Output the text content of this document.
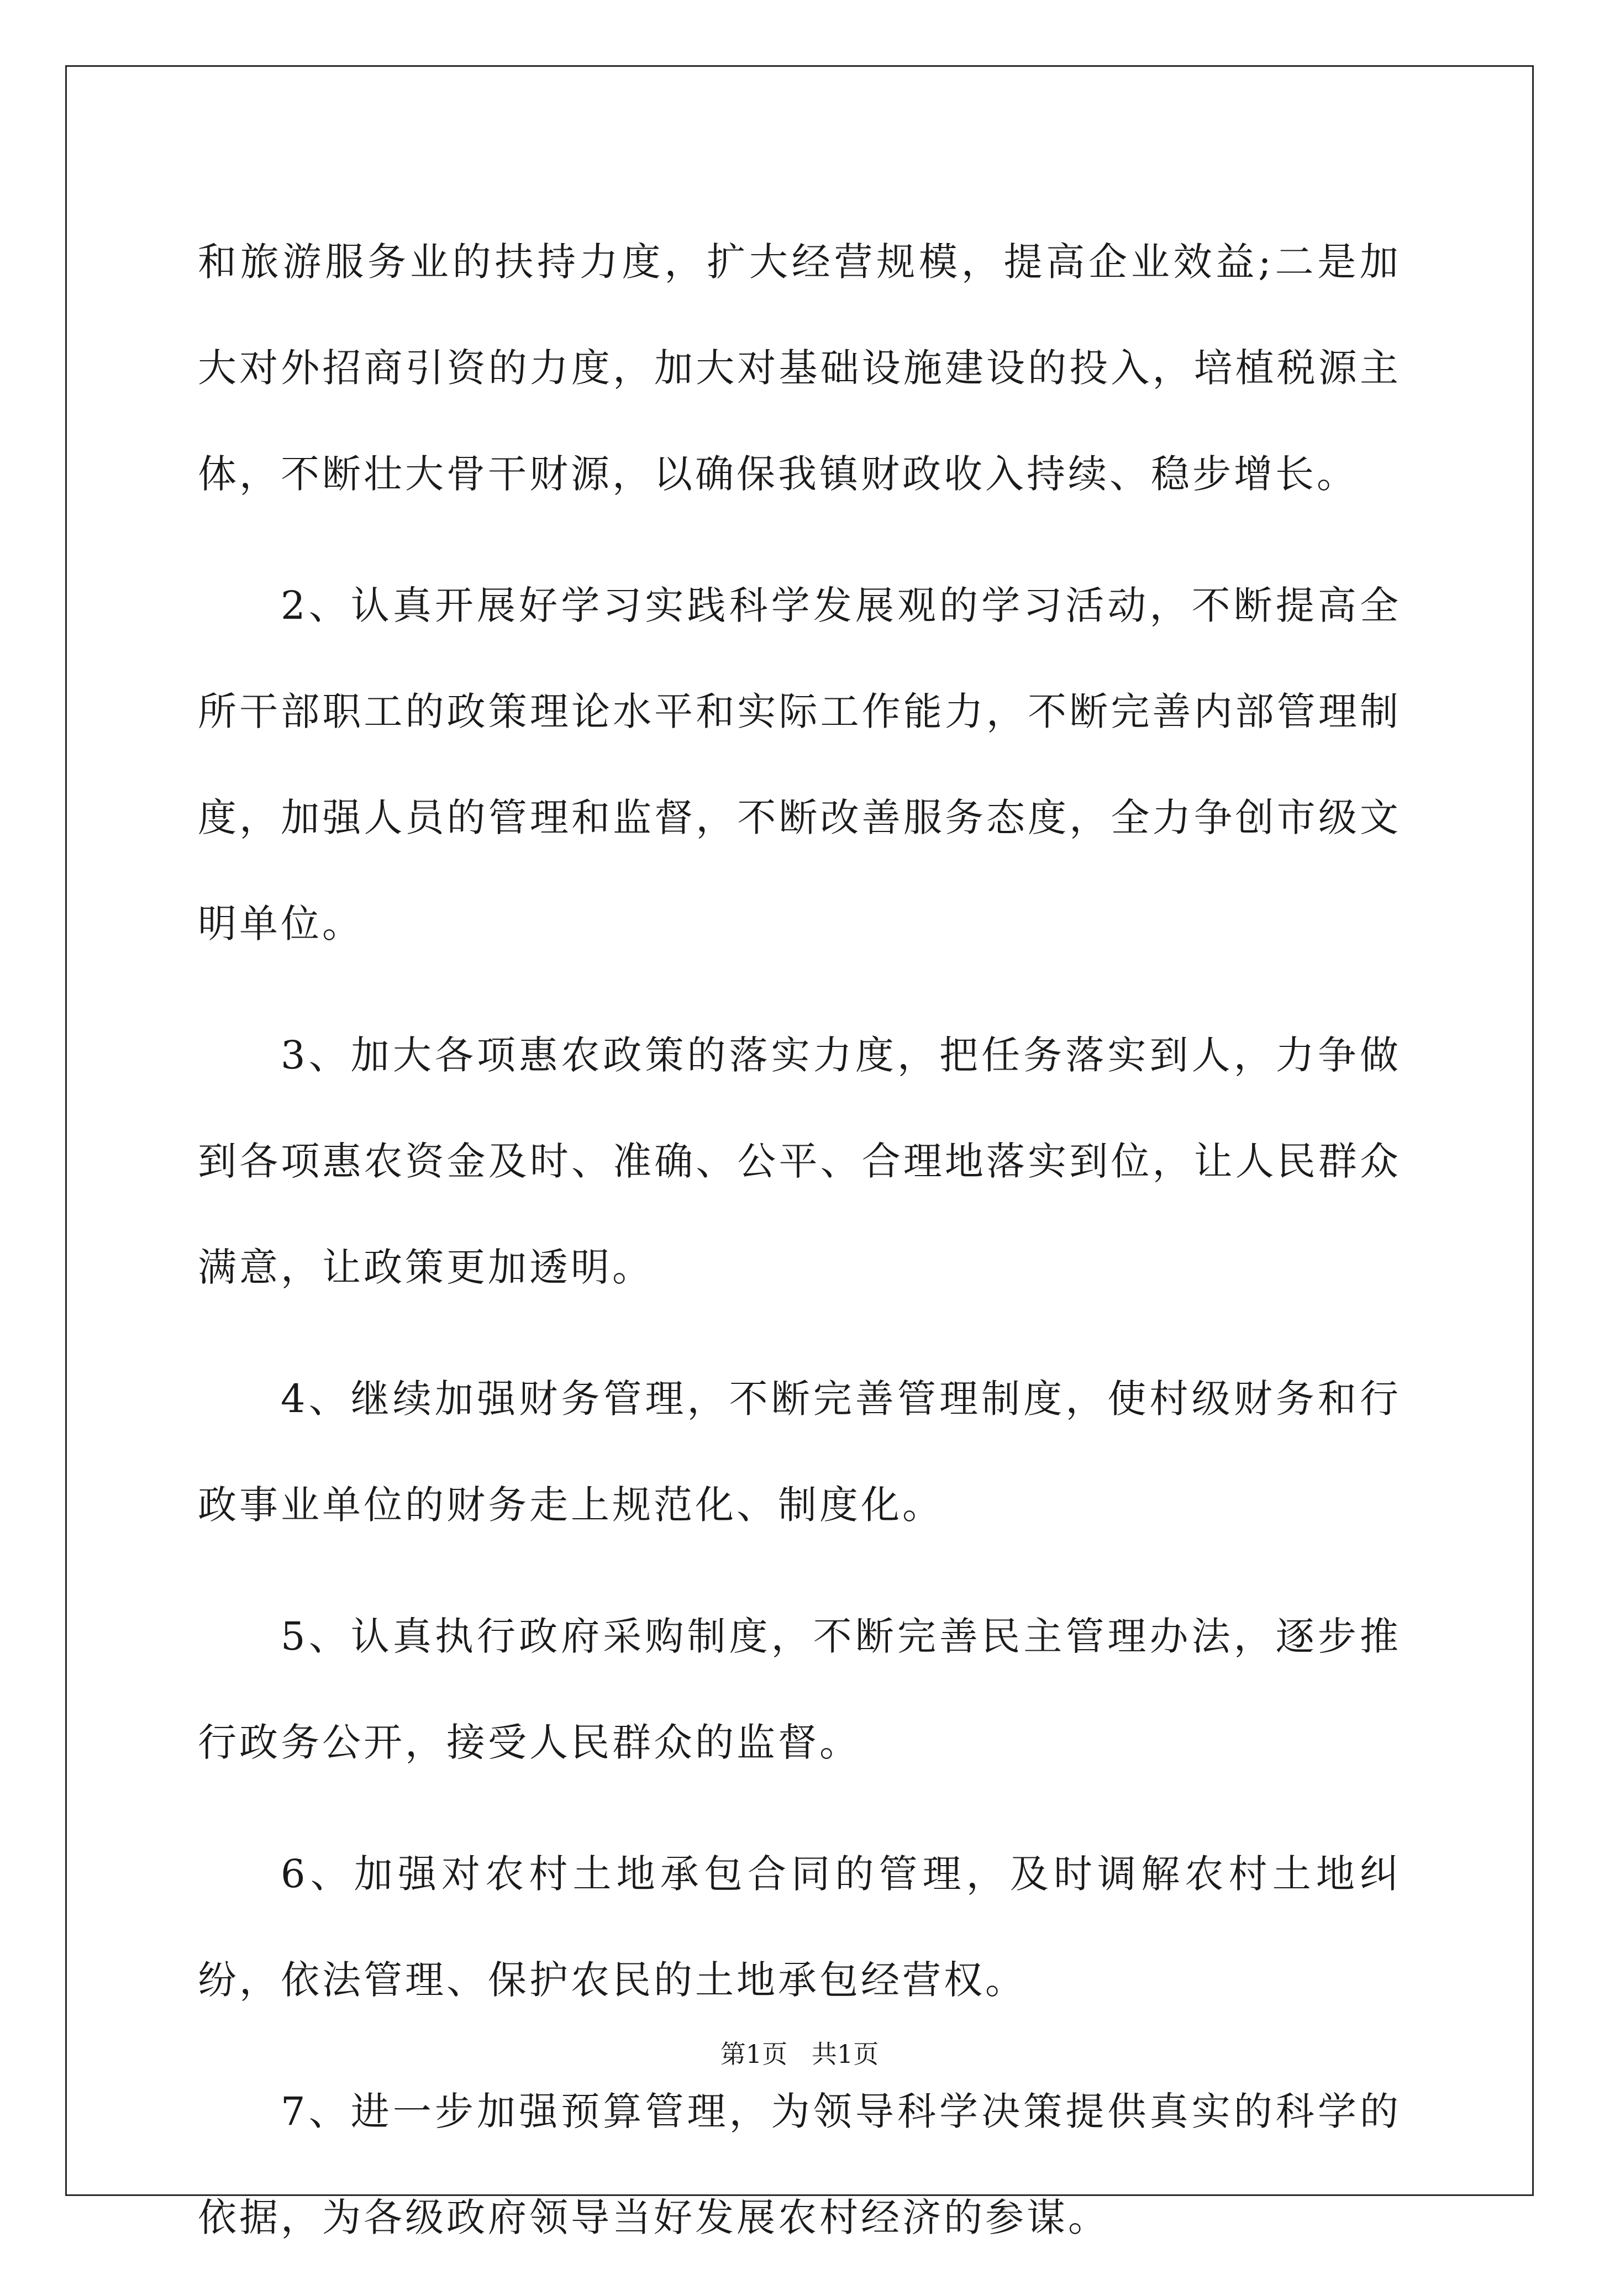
和旅游服务业的扶持力度，扩大经营规模，提高企业效益;二是加大对外招商引资的力度，加大对基础设施建设的投入，培植税源主体，不断壮大骨干财源，以确保我镇财政收入持续、稳步增长。

2、认真开展好学习实践科学发展观的学习活动，不断提高全所干部职工的政策理论水平和实际工作能力，不断完善内部管理制度，加强人员的管理和监督，不断改善服务态度，全力争创市级文明单位。

3、加大各项惠农政策的落实力度，把任务落实到人，力争做到各项惠农资金及时、准确、公平、合理地落实到位，让人民群众满意，让政策更加透明。

4、继续加强财务管理，不断完善管理制度，使村级财务和行政事业单位的财务走上规范化、制度化。

5、认真执行政府采购制度，不断完善民主管理办法，逐步推行政务公开，接受人民群众的监督。

6、加强对农村土地承包合同的管理，及时调解农村土地纠纷，依法管理、保护农民的土地承包经营权。

7、进一步加强预算管理，为领导科学决策提供真实的科学的依据，为各级政府领导当好发展农村经济的参谋。

第1页   共1页
